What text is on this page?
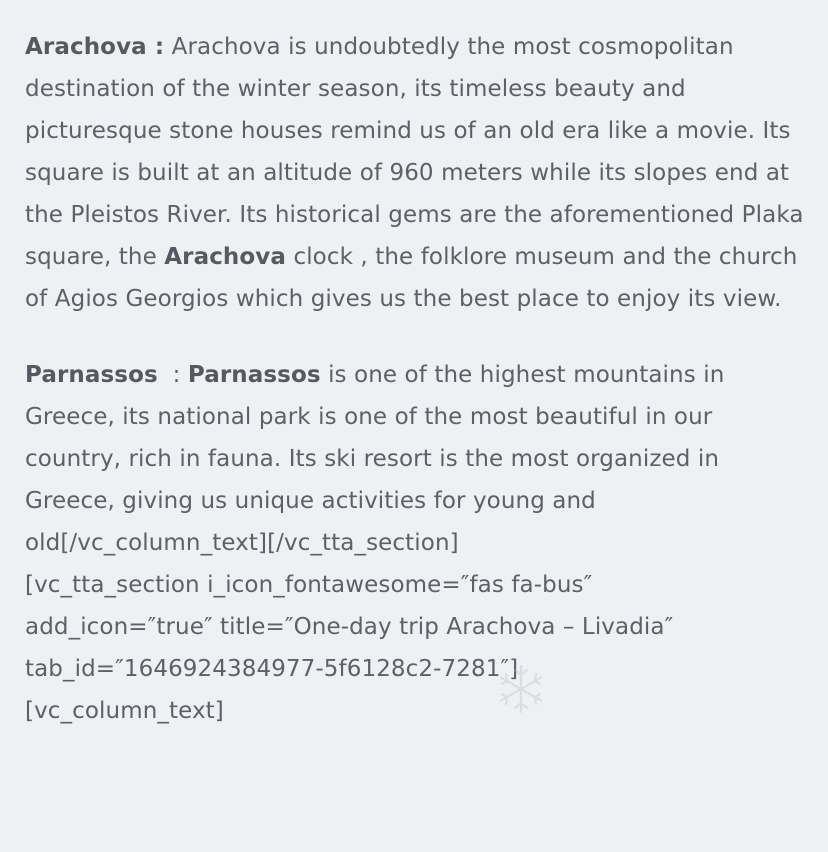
Arachova : Arachova is undoubtedly the most cosmopolitan destination of the winter season, its timeless beauty and picturesque stone houses remind us of an old era like a movie. Its square is built at an altitude of 960 meters while its slopes end at the Pleistos River. Its historical gems are the aforementioned Plaka square, the Arachova clock , the folklore museum and the church of Agios Georgios which gives us the best place to enjoy its view.

Parnassos  : Parnassos is one of the highest mountains in Greece, its national park is one of the most beautiful in our country, rich in fauna. Its ski resort is the most organized in Greece, giving us unique activities for young and old[/vc_column_text][/vc_tta_section]
[vc_tta_section i_icon_fontawesome=″fas fa-bus″
add_icon=″true″ title=″One-day trip Arachova – Livadia″
tab_id=″1646924384977-5f6128c2-7281″]
[vc_column_text]
